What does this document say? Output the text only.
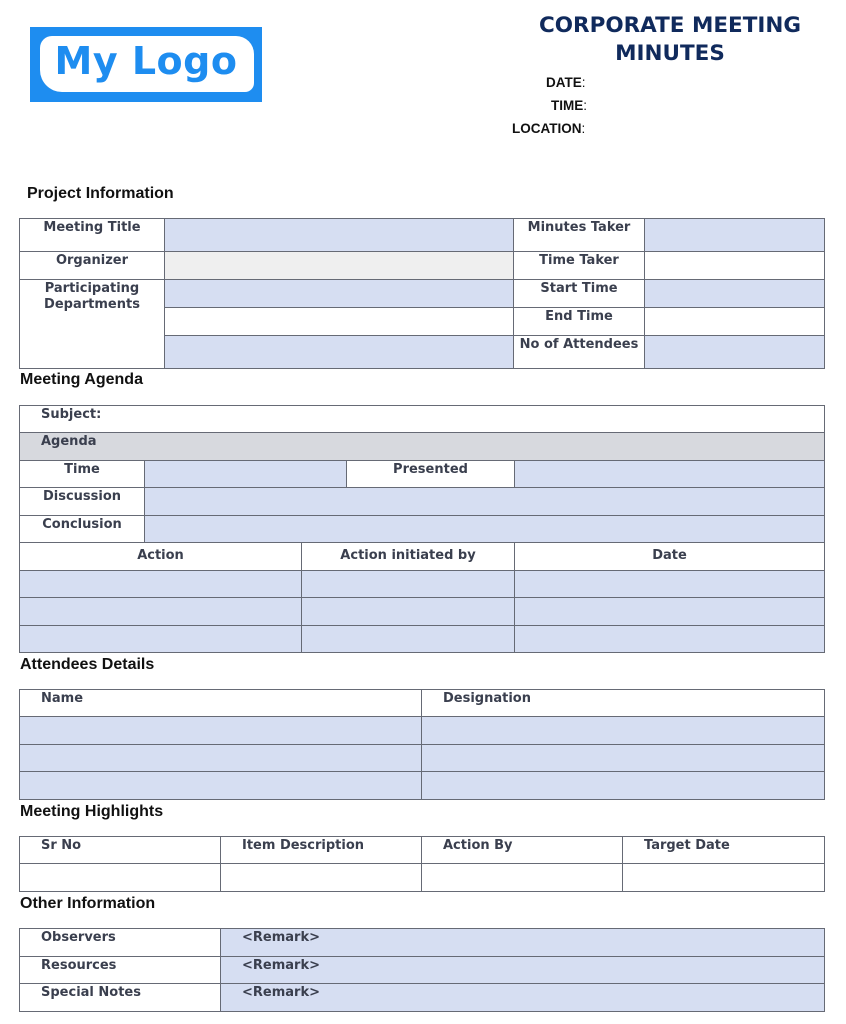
My Logo
CORPORATE MEETING MINUTES
DATE:
TIME:
LOCATION:
Project Information
Meeting Title		Minutes Taker	
Organizer		Time Taker	
Participating Departments		Start Time	
		End Time	
		No of Attendees	
Meeting Agenda
Subject:				
Agenda				
Time			Presented	
Discussion				
Conclusion				
Action		Action initiated by		Date

Attendees Details
Name	Designation

Meeting Highlights
Sr No	Item Description	Action By	Target Date

Other Information
Observers	<Remark>
Resources	<Remark>
Special Notes	<Remark>
